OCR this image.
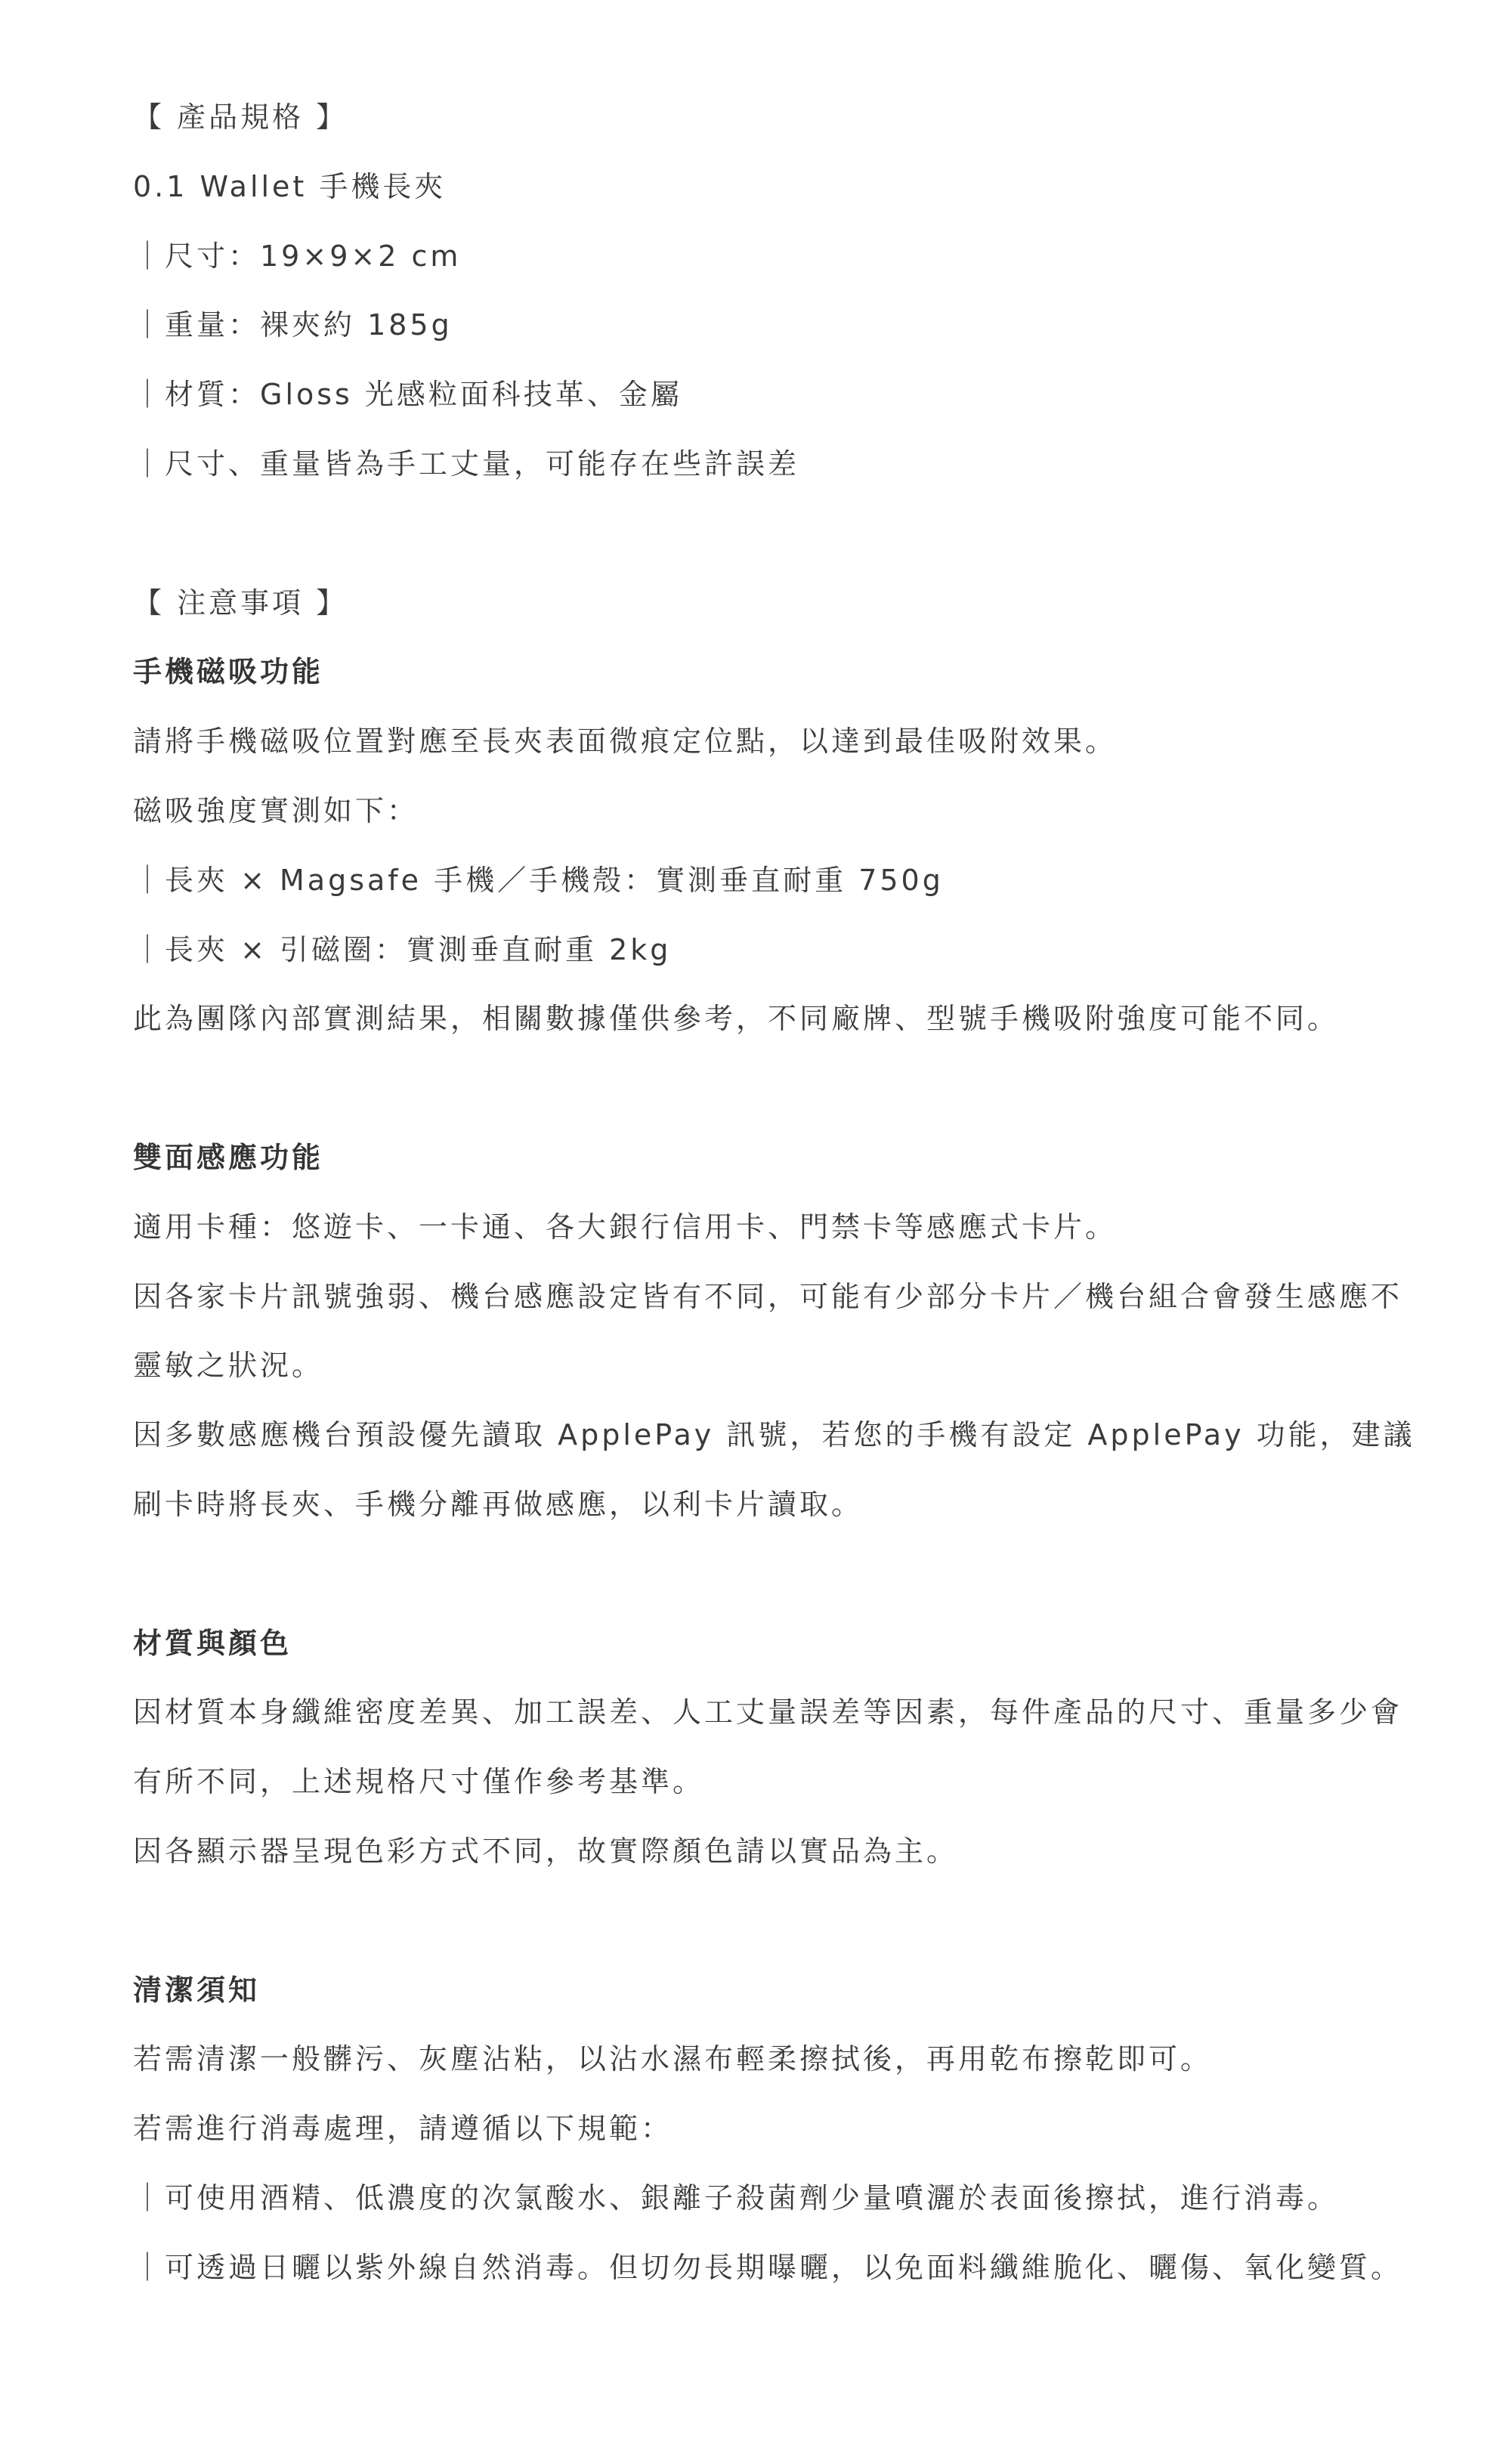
【 產品規格 】
0.1 Wallet 手機長夾
｜尺寸：19×9×2 cm
｜重量：裸夾約 185g
｜材質：Gloss 光感粒面科技革、金屬
｜尺寸、重量皆為手工丈量，可能存在些許誤差
【 注意事項 】
手機磁吸功能
請將手機磁吸位置對應至長夾表面微痕定位點，以達到最佳吸附效果。
磁吸強度實測如下：
｜長夾 × Magsafe 手機／手機殼：實測垂直耐重 750g
｜長夾 × 引磁圈：實測垂直耐重 2kg
此為團隊內部實測結果，相關數據僅供參考，不同廠牌、型號手機吸附強度可能不同。
雙面感應功能
適用卡種：悠遊卡、一卡通、各大銀行信用卡、門禁卡等感應式卡片。
因各家卡片訊號強弱、機台感應設定皆有不同，可能有少部分卡片／機台組合會發生感應不
靈敏之狀況。
因多數感應機台預設優先讀取 ApplePay 訊號，若您的手機有設定 ApplePay 功能，建議
刷卡時將長夾、手機分離再做感應，以利卡片讀取。
材質與顏色
因材質本身纖維密度差異、加工誤差、人工丈量誤差等因素，每件產品的尺寸、重量多少會
有所不同，上述規格尺寸僅作參考基準。
因各顯示器呈現色彩方式不同，故實際顏色請以實品為主。
清潔須知
若需清潔一般髒污、灰塵沾粘，以沾水濕布輕柔擦拭後，再用乾布擦乾即可。
若需進行消毒處理，請遵循以下規範：
｜可使用酒精、低濃度的次氯酸水、銀離子殺菌劑少量噴灑於表面後擦拭，進行消毒。
｜可透過日曬以紫外線自然消毒。但切勿長期曝曬，以免面料纖維脆化、曬傷、氧化變質。
